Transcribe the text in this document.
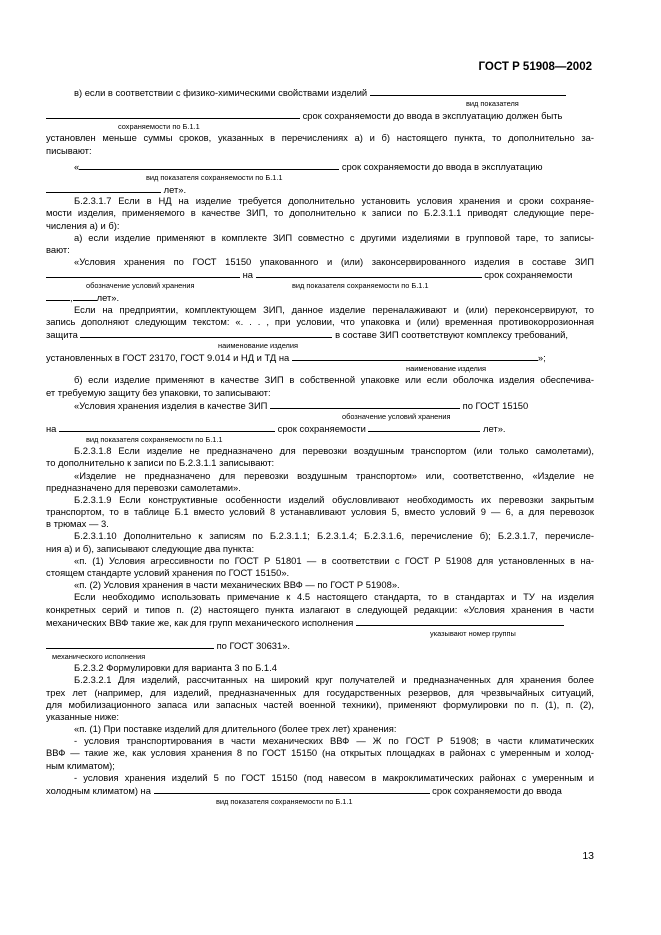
ГОСТ Р 51908—2002
в) если в соответствии с физико-химическими свойствами изделий
вид показателя
срок сохраняемости до ввода в эксплуатацию должен быть
сохраняемости по Б.1.1
установлен меньше суммы сроков, указанных в перечислениях а) и б) настоящего пункта, то дополнительно за-
писывают:
«	срок сохраняемости до ввода в эксплуатацию
вид показателя сохраняемости по Б.1.1
лет».
Б.2.3.1.7 Если в НД на изделие требуется дополнительно установить условия хранения и сроки сохраняе-
мости изделия, применяемого в качестве ЗИП, то дополнительно к записи по Б.2.3.1.1 приводят следующие пере-
числения а) и б):
а) если изделие применяют в комплекте ЗИП совместно с другими изделиями в групповой таре, то записы-
вают:
«Условия хранения по ГОСТ 15150 упакованного и (или) законсервированного изделия в составе ЗИП
на	срок сохраняемости
обозначение условий хранения	вид показателя сохраняемости по Б.1.1
,	лет».
Если на предприятии, комплектующем ЗИП, данное изделие переналаживают и (или) переконсервируют, то
запись дополняют следующим текстом: «. . . , при условии, что упаковка и (или) временная противокоррозионная
защита	в составе ЗИП соответствуют комплексу требований,
наименование изделия
установленных в ГОСТ 23170, ГОСТ 9.014 и НД и ТД на	»;
наименование изделия
б) если изделие применяют в качестве ЗИП в собственной упаковке или если оболочка изделия обеспечива-
ет требуемую защиту без упаковки, то записывают:
«Условия хранения изделия в качестве ЗИП	по ГОСТ 15150
обозначение условий хранения
на	срок сохраняемости	лет».
вид показателя сохраняемости по Б.1.1
Б.2.3.1.8 Если изделие не предназначено для перевозки воздушным транспортом (или только самолетами),
то дополнительно к записи по Б.2.3.1.1 записывают:
«Изделие не предназначено для перевозки воздушным транспортом» или, соответственно, «Изделие не
предназначено для перевозки самолетами».
Б.2.3.1.9 Если конструктивные особенности изделий обусловливают необходимость их перевозки закрытым
транспортом, то в таблице Б.1 вместо условий 8 устанавливают условия 5, вместо условий 9 — 6, а для перевозок
в трюмах — 3.
Б.2.3.1.10 Дополнительно к записям по Б.2.3.1.1; Б.2.3.1.4; Б.2.3.1.6, перечисление б); Б.2.3.1.7, перечисле-
ния а) и б), записывают следующие два пункта:
«п. (1) Условия агрессивности по ГОСТ Р 51801 — в соответствии с ГОСТ Р 51908 для установленных в на-
стоящем стандарте условий хранения по ГОСТ 15150».
«п. (2) Условия хранения в части механических ВВФ — по ГОСТ Р 51908».
Если необходимо использовать примечание к 4.5 настоящего стандарта, то в стандартах и ТУ на изделия
конкретных серий и типов п. (2) настоящего пункта излагают в следующей редакции: «Условия хранения в части
механических ВВФ такие же, как для групп механического исполнения
указывают номер группы
по ГОСТ 30631».
механического исполнения
Б.2.3.2 Формулировки для варианта 3 по Б.1.4
Б.2.3.2.1 Для изделий, рассчитанных на широкий круг получателей и предназначенных для хранения более
трех лет (например, для изделий, предназначенных для государственных резервов, для чрезвычайных ситуаций,
для мобилизационного запаса или запасных частей военной техники), применяют формулировки по п. (1), п. (2),
указанные ниже:
«п. (1) При поставке изделий для длительного (более трех лет) хранения:
- условия транспортирования в части механических ВВФ — Ж по ГОСТ Р 51908; в части климатических
ВВФ — такие же, как условия хранения 8 по ГОСТ 15150 (на открытых площадках в районах с умеренным и холод-
ным климатом);
- условия хранения изделий 5 по ГОСТ 15150 (под навесом в макроклиматических районах с умеренным и
холодным климатом) на	срок сохраняемости до ввода
вид показателя сохраняемости по Б.1.1
13
